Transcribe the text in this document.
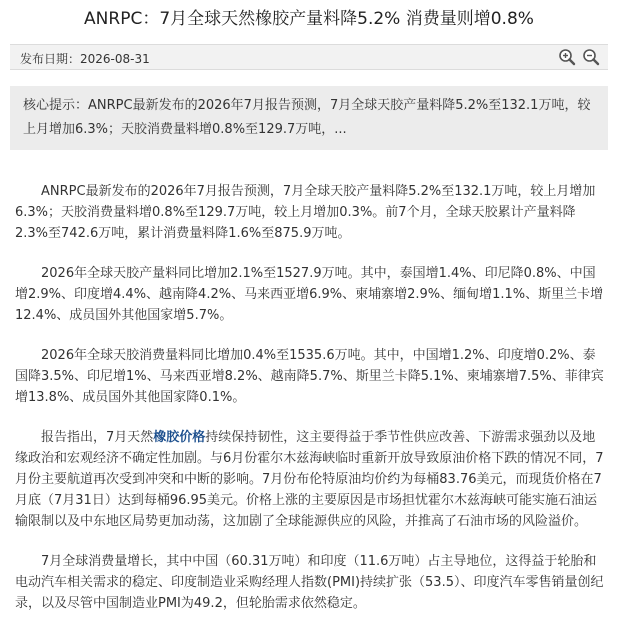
ANRPC：7月全球天然橡胶产量料降5.2% 消费量则增0.8%
发布日期：2026-08-31
核心提示：ANRPC最新发布的2026年7月报告预测，7月全球天胶产量料降5.2%至132.1万吨，较上月增加6.3%；天胶消费量料增0.8%至129.7万吨，...

ANRPC最新发布的2026年7月报告预测，7月全球天胶产量料降5.2%至132.1万吨，较上月增加6.3%；天胶消费量料增0.8%至129.7万吨，较上月增加0.3%。前7个月，全球天胶累计产量料降2.3%至742.6万吨，累计消费量料降1.6%至875.9万吨。

2026年全球天胶产量料同比增加2.1%至1527.9万吨。其中，泰国增1.4%、印尼降0.8%、中国增2.9%、印度增4.4%、越南降4.2%、马来西亚增6.9%、柬埔寨增2.9%、缅甸增1.1%、斯里兰卡增12.4%、成员国外其他国家增5.7%。

2026年全球天胶消费量料同比增加0.4%至1535.6万吨。其中，中国增1.2%、印度增0.2%、泰国降3.5%、印尼增1%、马来西亚增8.2%、越南降5.7%、斯里兰卡降5.1%、柬埔寨增7.5%、菲律宾增13.8%、成员国外其他国家降0.1%。

报告指出，7月天然橡胶价格持续保持韧性，这主要得益于季节性供应改善、下游需求强劲以及地缘政治和宏观经济不确定性加剧。与6月份霍尔木兹海峡临时重新开放导致原油价格下跌的情况不同，7月份主要航道再次受到冲突和中断的影响。7月份布伦特原油均价约为每桶83.76美元，而现货价格在7月底（7月31日）达到每桶96.95美元。价格上涨的主要原因是市场担忧霍尔木兹海峡可能实施石油运输限制以及中东地区局势更加动荡，这加剧了全球能源供应的风险，并推高了石油市场的风险溢价。

7月全球消费量增长，其中中国（60.31万吨）和印度（11.6万吨）占主导地位，这得益于轮胎和电动汽车相关需求的稳定、印度制造业采购经理人指数(PMI)持续扩张（53.5）、印度汽车零售销量创纪录，以及尽管中国制造业PMI为49.2，但轮胎需求依然稳定。
